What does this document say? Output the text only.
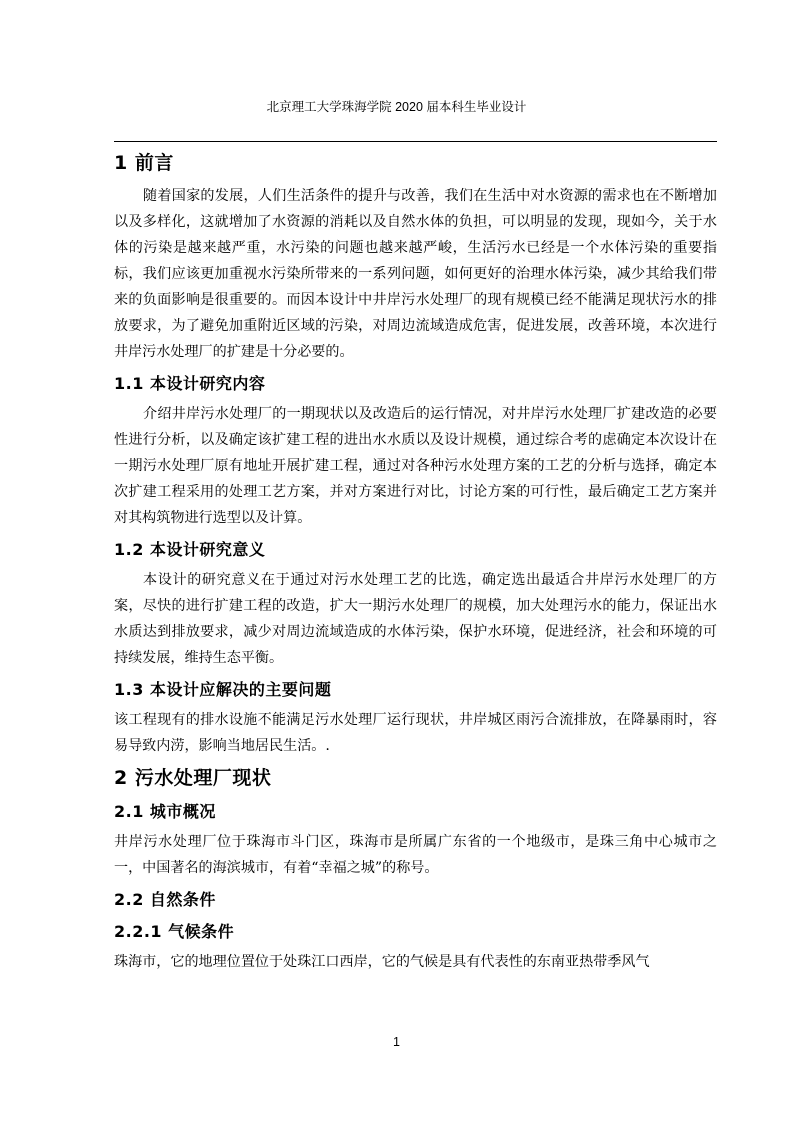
北京理工大学珠海学院 2020 届本科生毕业设计
1 前言

随着国家的发展，人们生活条件的提升与改善，我们在生活中对水资源的需求也在不断增加以及多样化，这就增加了水资源的消耗以及自然水体的负担，可以明显的发现，现如今，关于水体的污染是越来越严重，水污染的问题也越来越严峻，生活污水已经是一个水体污染的重要指标，我们应该更加重视水污染所带来的一系列问题，如何更好的治理水体污染，减少其给我们带来的负面影响是很重要的。而因本设计中井岸污水处理厂的现有规模已经不能满足现状污水的排放要求，为了避免加重附近区域的污染，对周边流域造成危害，促进发展，改善环境，本次进行井岸污水处理厂的扩建是十分必要的。

1.1 本设计研究内容

介绍井岸污水处理厂的一期现状以及改造后的运行情况，对井岸污水处理厂扩建改造的必要性进行分析，以及确定该扩建工程的进出水水质以及设计规模，通过综合考的虑确定本次设计在一期污水处理厂原有地址开展扩建工程，通过对各种污水处理方案的工艺的分析与选择，确定本次扩建工程采用的处理工艺方案，并对方案进行对比，讨论方案的可行性，最后确定工艺方案并对其构筑物进行选型以及计算。

1.2 本设计研究意义

本设计的研究意义在于通过对污水处理工艺的比选，确定选出最适合井岸污水处理厂的方案，尽快的进行扩建工程的改造，扩大一期污水处理厂的规模，加大处理污水的能力，保证出水水质达到排放要求，减少对周边流域造成的水体污染，保护水环境，促进经济，社会和环境的可持续发展，维持生态平衡。

1.3 本设计应解决的主要问题

该工程现有的排水设施不能满足污水处理厂运行现状，井岸城区雨污合流排放，在降暴雨时，容易导致内涝，影响当地居民生活。.

2 污水处理厂现状
2.1 城市概况

井岸污水处理厂位于珠海市斗门区，珠海市是所属广东省的一个地级市，是珠三角中心城市之一，中国著名的海滨城市，有着“幸福之城”的称号。

2.2 自然条件
2.2.1 气候条件

珠海市，它的地理位置位于处珠江口西岸，它的气候是具有代表性的东南亚热带季风气

1
